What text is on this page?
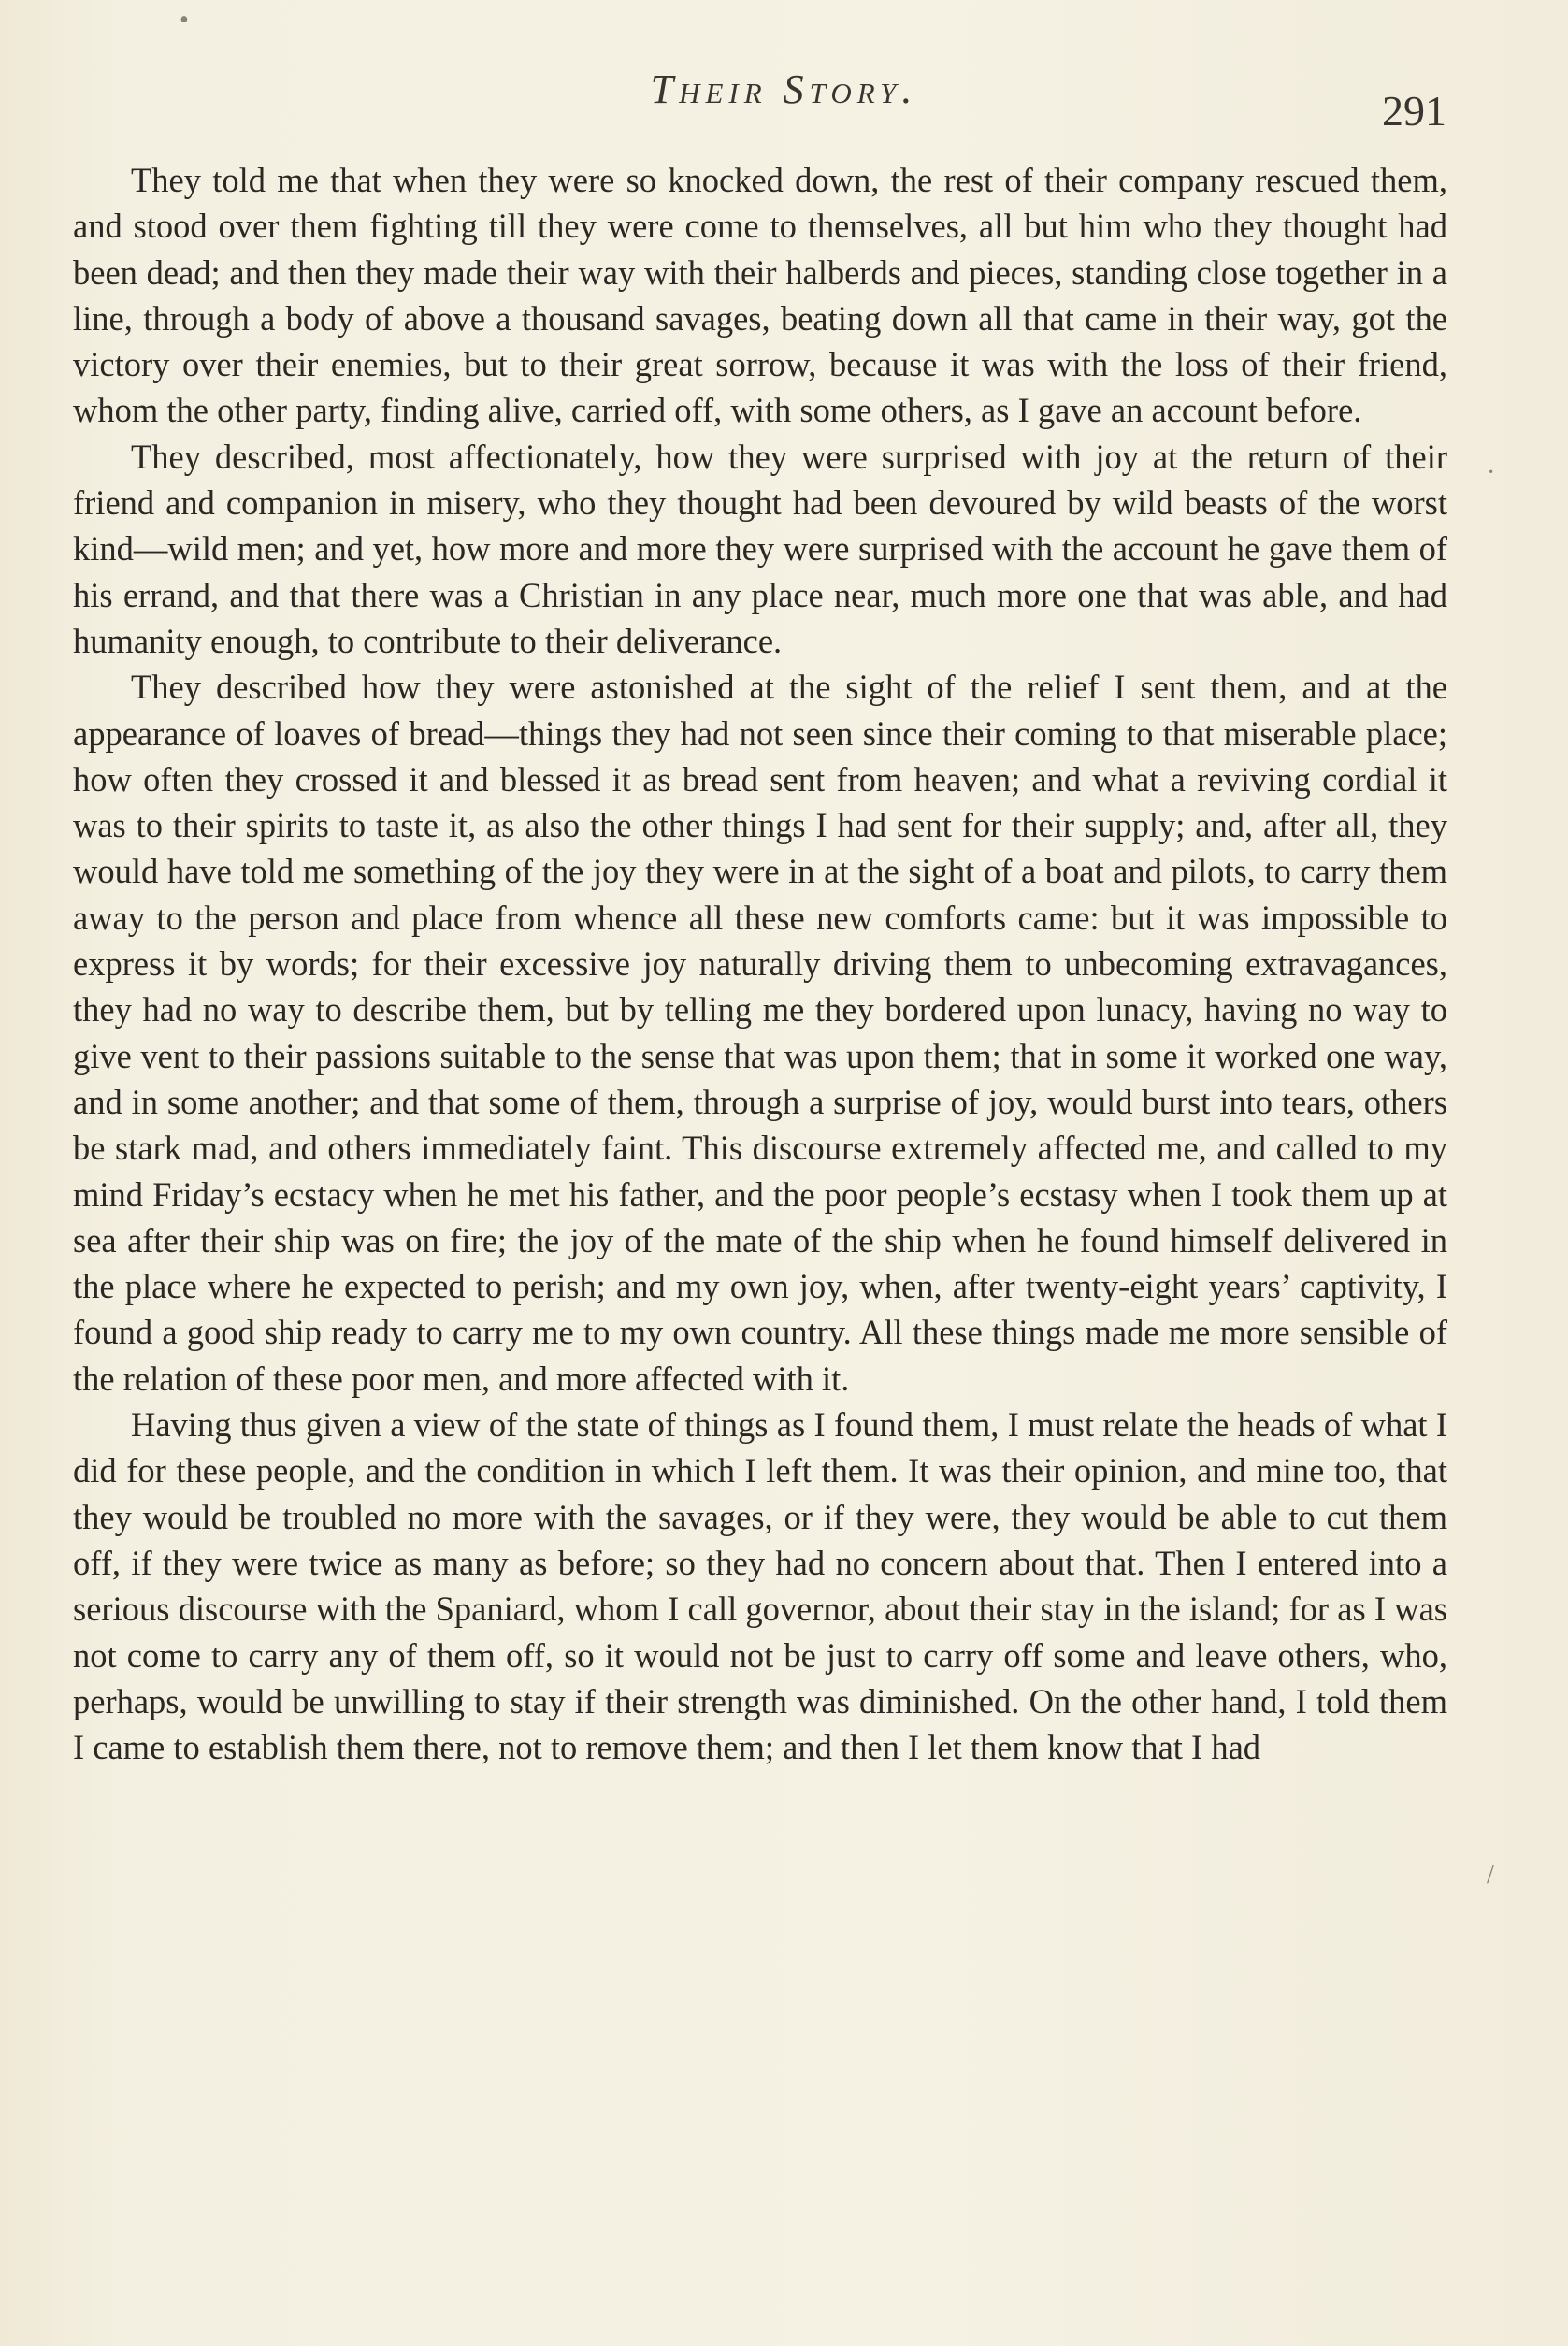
Their Story.	291

They told me that when they were so knocked down, the rest of their company rescued them, and stood over them fighting till they were come to themselves, all but him who they thought had been dead; and then they made their way with their halberds and pieces, standing close together in a line, through a body of above a thousand savages, beating down all that came in their way, got the victory over their enemies, but to their great sorrow, because it was with the loss of their friend, whom the other party, finding alive, carried off, with some others, as I gave an account before.

They described, most affectionately, how they were surprised with joy at the return of their friend and companion in misery, who they thought had been devoured by wild beasts of the worst kind—wild men; and yet, how more and more they were surprised with the account he gave them of his errand, and that there was a Christian in any place near, much more one that was able, and had humanity enough, to contribute to their deliverance.

They described how they were astonished at the sight of the relief I sent them, and at the appearance of loaves of bread—things they had not seen since their coming to that miserable place; how often they crossed it and blessed it as bread sent from heaven; and what a reviving cordial it was to their spirits to taste it, as also the other things I had sent for their supply; and, after all, they would have told me something of the joy they were in at the sight of a boat and pilots, to carry them away to the person and place from whence all these new comforts came: but it was impossible to express it by words; for their excessive joy naturally driving them to unbecoming extravagances, they had no way to describe them, but by telling me they bordered upon lunacy, having no way to give vent to their passions suitable to the sense that was upon them; that in some it worked one way, and in some another; and that some of them, through a surprise of joy, would burst into tears, others be stark mad, and others immediately faint. This discourse extremely affected me, and called to my mind Friday’s ecstacy when he met his father, and the poor people’s ecstasy when I took them up at sea after their ship was on fire; the joy of the mate of the ship when he found himself delivered in the place where he expected to perish; and my own joy, when, after twenty-eight years’ captivity, I found a good ship ready to carry me to my own country. All these things made me more sensible of the relation of these poor men, and more affected with it.

Having thus given a view of the state of things as I found them, I must relate the heads of what I did for these people, and the condition in which I left them. It was their opinion, and mine too, that they would be troubled no more with the savages, or if they were, they would be able to cut them off, if they were twice as many as before; so they had no concern about that. Then I entered into a serious discourse with the Spaniard, whom I call governor, about their stay in the island; for as I was not come to carry any of them off, so it would not be just to carry off some and leave others, who, perhaps, would be unwilling to stay if their strength was diminished. On the other hand, I told them I came to establish them there, not to remove them; and then I let them know that I had

•
·
/
